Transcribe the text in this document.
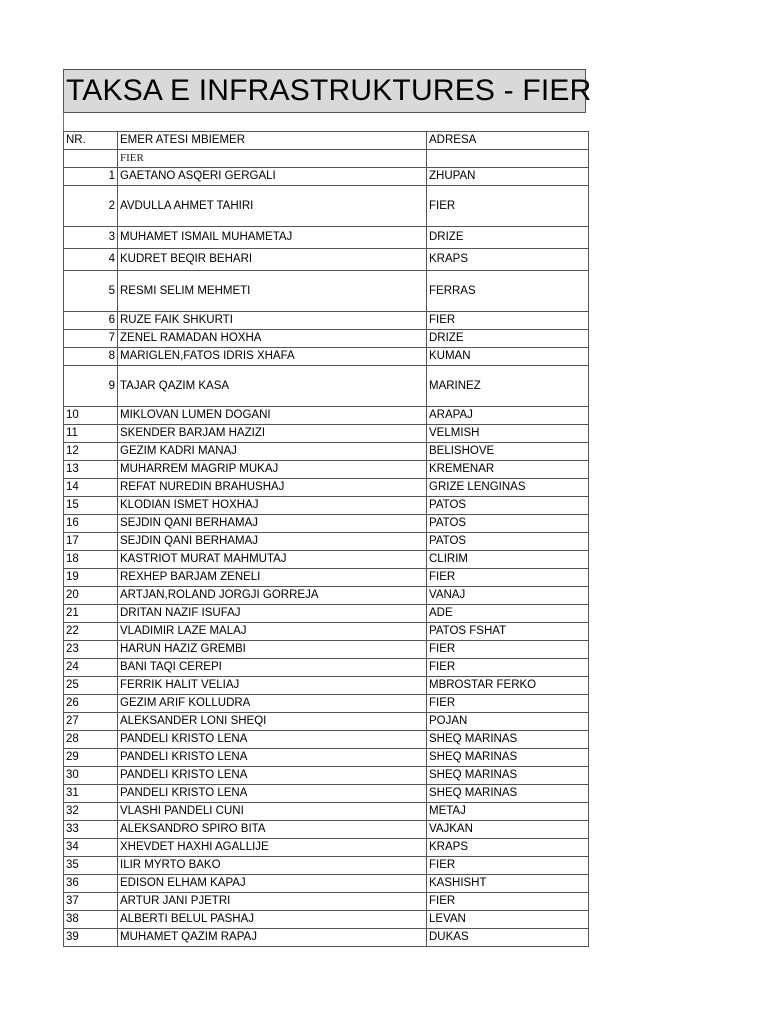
TAKSA E INFRASTRUKTURES - FIER
NR.	EMER ATESI MBIEMER	ADRESA
	FIER	
1	GAETANO ASQERI GERGALI	ZHUPAN
2	AVDULLA AHMET TAHIRI	FIER
3	MUHAMET ISMAIL MUHAMETAJ	DRIZE
4	KUDRET BEQIR BEHARI	KRAPS
5	RESMI SELIM MEHMETI	FERRAS
6	RUZE FAIK SHKURTI	FIER
7	ZENEL RAMADAN HOXHA	DRIZE
8	MARIGLEN,FATOS IDRIS XHAFA	KUMAN
9	TAJAR QAZIM KASA	MARINEZ
10	MIKLOVAN LUMEN DOGANI	ARAPAJ
11	SKENDER BARJAM HAZIZI	VELMISH
12	GEZIM KADRI MANAJ	BELISHOVE
13	MUHARREM MAGRIP MUKAJ	KREMENAR
14	REFAT NUREDIN BRAHUSHAJ	GRIZE LENGINAS
15	KLODIAN ISMET HOXHAJ	PATOS
16	SEJDIN QANI BERHAMAJ	PATOS
17	SEJDIN QANI BERHAMAJ	PATOS
18	KASTRIOT MURAT MAHMUTAJ	CLIRIM
19	REXHEP BARJAM ZENELI	FIER
20	ARTJAN,ROLAND JORGJI GORREJA	VANAJ
21	DRITAN NAZIF ISUFAJ	ADE
22	VLADIMIR LAZE MALAJ	PATOS FSHAT
23	HARUN HAZIZ GREMBI	FIER
24	BANI TAQI CEREPI	FIER
25	FERRIK HALIT VELIAJ	MBROSTAR FERKO
26	GEZIM ARIF KOLLUDRA	FIER
27	ALEKSANDER LONI SHEQI	POJAN
28	PANDELI KRISTO LENA	SHEQ MARINAS
29	PANDELI KRISTO LENA	SHEQ MARINAS
30	PANDELI KRISTO LENA	SHEQ MARINAS
31	PANDELI KRISTO LENA	SHEQ MARINAS
32	VLASHI PANDELI CUNI	METAJ
33	ALEKSANDRO SPIRO BITA	VAJKAN
34	XHEVDET HAXHI AGALLIJE	KRAPS
35	ILIR MYRTO BAKO	FIER
36	EDISON ELHAM KAPAJ	KASHISHT
37	ARTUR JANI PJETRI	FIER
38	ALBERTI BELUL PASHAJ	LEVAN
39	MUHAMET QAZIM RAPAJ	DUKAS
